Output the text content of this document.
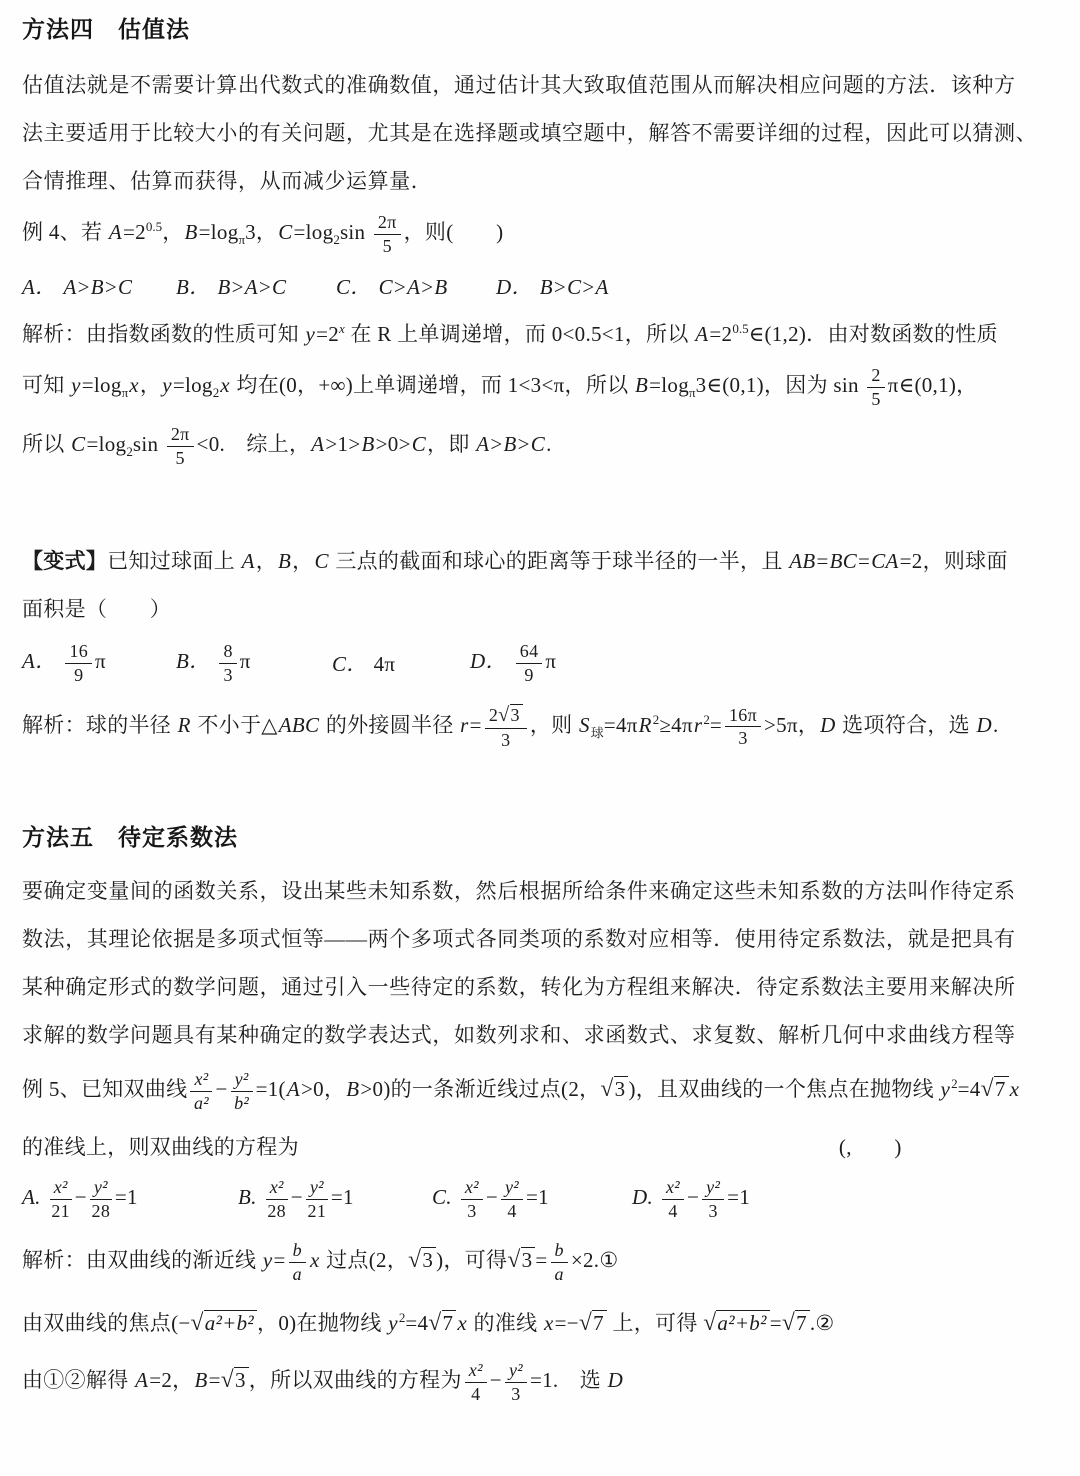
方法四　估值法
估值法就是不需要计算出代数式的准确数值，通过估计其大致取值范围从而解决相应问题的方法．该种方
法主要适用于比较大小的有关问题，尤其是在选择题或填空题中，解答不需要详细的过程，因此可以猜测、
合情推理、估算而获得，从而减少运算量．
例 4、若 $A=2^{0.5}$，$B=\log_\pi 3$，$C=\log_2\sin \frac{2\pi}{5}$ ，则(　　)
A． A>B>C	B． B>A>C	C． C>A>B	D． B>C>A
解析：由指数函数的性质可知 $y=2^x$ 在 R 上单调递增，而 0<0.5<1，所以 $A=2^{0.5}\in(1,2)$．由对数函数的性质
可知 $y=\log_\pi x$，$y=\log_2x$ 均在(0，+∞)上单调递增，而 1<3<π，所以 $B=\log_\pi 3\in(0,1)$，因为 $\sin \frac{2}{5}$ π∈(0,1)，
所以 $C=\log_2\sin \frac{2\pi}{5} <0$.　综上，A>1>B>0>C，即 A>B>C.
【变式】已知过球面上 A，B，C 三点的截面和球心的距离等于球半径的一半，且 AB=BC=CA=2，则球面
面积是（　　）
A． $\frac{16}{9}$ π	B． $\frac{8}{3}$ π	C． 4π	D． $\frac{64}{9}$ π
解析：球的半径 R 不小于△ABC 的外接圆半径 $r= \frac{2√3}{3}$ ，则 $S_球=4\pi R^2\ge 4\pi r^2= \frac{16\pi}{3} >5\pi$，D 选项符合，选 D.
方法五　待定系数法
要确定变量间的函数关系，设出某些未知系数，然后根据所给条件来确定这些未知系数的方法叫作待定系
数法，其理论依据是多项式恒等——两个多项式各同类项的系数对应相等．使用待定系数法，就是把具有
某种确定形式的数学问题，通过引入一些待定的系数，转化为方程组来解决．待定系数法主要用来解决所
求解的数学问题具有某种确定的数学表达式，如数列求和、求函数式、求复数、解析几何中求曲线方程等
例 5、已知双曲线 $\frac{\text{x²}}{\text{a²}} - \frac{\text{y²}}{\text{b²}} =1(A>0$，B>0)的一条渐近线过点(2，√3 )，且双曲线的一个焦点在抛物线 $y^2=4√7$ x
的准线上，则双曲线的方程为	(,　　)
A. $\frac{\text{x²}}{21} - \frac{\text{y²}}{28} =1$	B. $\frac{\text{x²}}{28} - \frac{\text{y²}}{21} =1$	C. $\frac{\text{x²}}{3} - \frac{\text{y²}}{4} =1$	D. $\frac{\text{x²}}{4} - \frac{\text{y²}}{3} =1$
解析：由双曲线的渐近线 $y= \frac{b}{a}$ x 过点(2，√3 )，可得$√3 = \frac{b}{a}$ ×2.①
由双曲线的焦点(−√a²+b² ，0)在抛物线 $y^2=4√7$ x 的准线 x=−√7 上，可得 √a²+b² =√7 .②
由①②解得 A=2，B=√3 ，所以双曲线的方程为 $\frac{\text{x²}}{4} - \frac{\text{y²}}{3} =1$.　选 D
